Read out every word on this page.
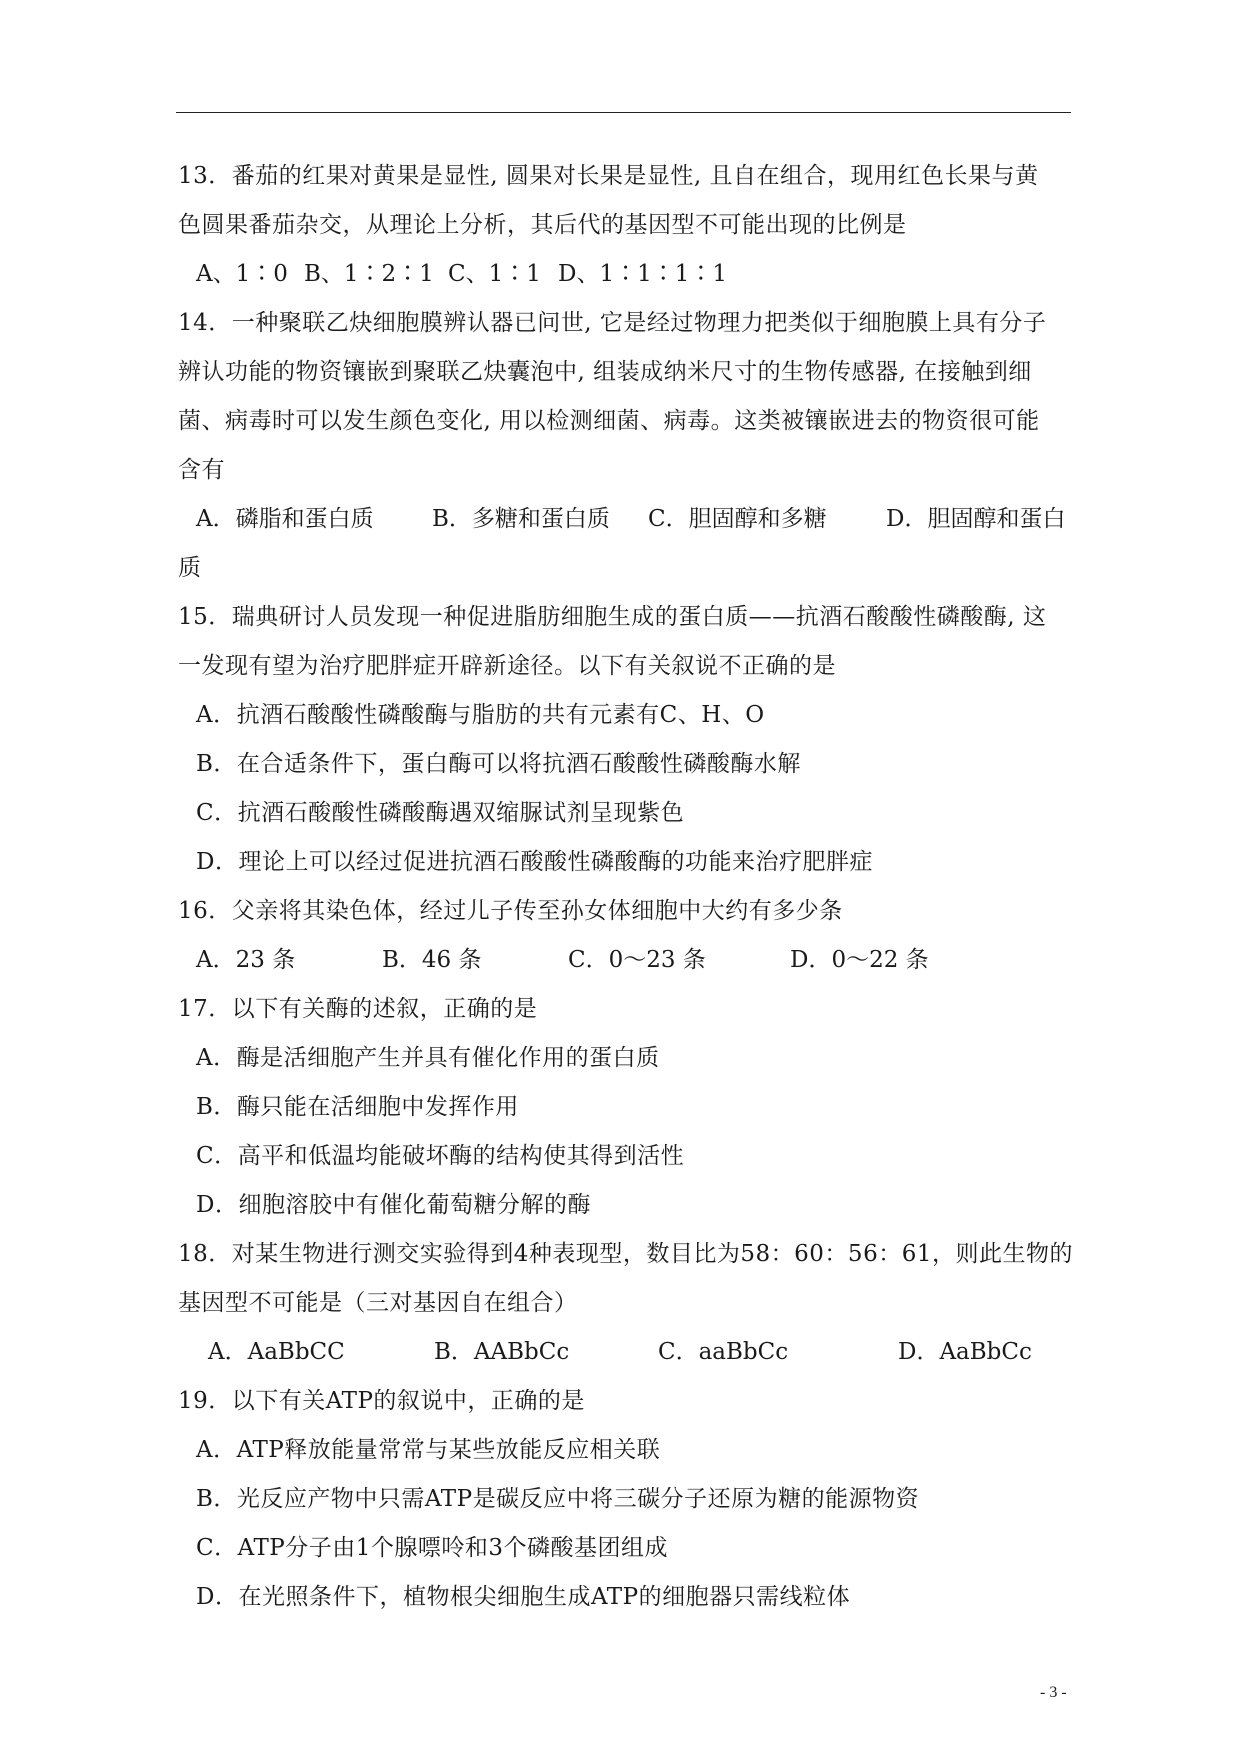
13．番茄的红果对黄果是显性, 圆果对长果是显性, 且自在组合，现用红色长果与黄
色圆果番茄杂交，从理论上分析，其后代的基因型不可能出现的比例是
A、1∶0 B、1∶2∶1 C、1∶1 D、1∶1∶1∶1
14．一种聚联乙炔细胞膜辨认器已问世, 它是经过物理力把类似于细胞膜上具有分子
辨认功能的物资镶嵌到聚联乙炔囊泡中, 组装成纳米尺寸的生物传感器, 在接触到细
菌、病毒时可以发生颜色变化, 用以检测细菌、病毒。这类被镶嵌进去的物资很可能
含有
A．磷脂和蛋白质	B．多糖和蛋白质	C．胆固醇和多糖	D．胆固醇和蛋白
质
15．瑞典研讨人员发现一种促进脂肪细胞生成的蛋白质——抗酒石酸酸性磷酸酶, 这
一发现有望为治疗肥胖症开辟新途径。以下有关叙说不正确的是
A．抗酒石酸酸性磷酸酶与脂肪的共有元素有C、H、O
B．在合适条件下，蛋白酶可以将抗酒石酸酸性磷酸酶水解
C．抗酒石酸酸性磷酸酶遇双缩脲试剂呈现紫色
D．理论上可以经过促进抗酒石酸酸性磷酸酶的功能来治疗肥胖症
16．父亲将其染色体，经过儿子传至孙女体细胞中大约有多少条
A．23 条	B．46 条	C．0～23 条	D．0～22 条
17．以下有关酶的述叙，正确的是
A．酶是活细胞产生并具有催化作用的蛋白质
B．酶只能在活细胞中发挥作用
C．高平和低温均能破坏酶的结构使其得到活性
D．细胞溶胶中有催化葡萄糖分解的酶
18．对某生物进行测交实验得到4种表现型，数目比为58：60：56：61，则此生物的
基因型不可能是（三对基因自在组合）
A．AaBbCC	B．AABbCc	C．aaBbCc	D．AaBbCc
19．以下有关ATP的叙说中，正确的是
A．ATP释放能量常常与某些放能反应相关联
B．光反应产物中只需ATP是碳反应中将三碳分子还原为糖的能源物资
C．ATP分子由1个腺嘌呤和3个磷酸基团组成
D．在光照条件下，植物根尖细胞生成ATP的细胞器只需线粒体
- 3 -
